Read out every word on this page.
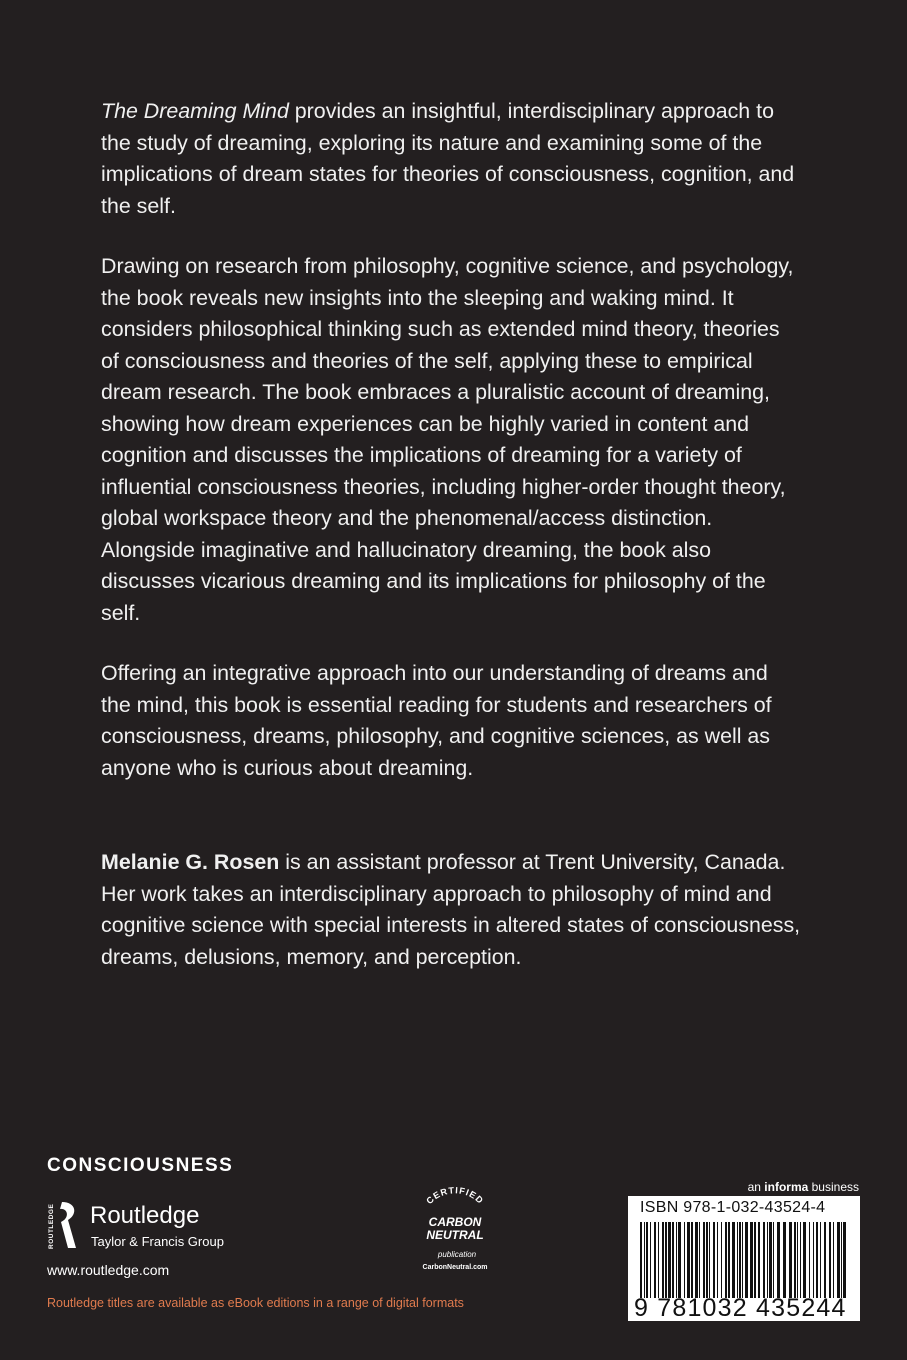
The Dreaming Mind provides an insightful, interdisciplinary approach to the study of dreaming, exploring its nature and examining some of the implications of dream states for theories of consciousness, cognition, and the self.

Drawing on research from philosophy, cognitive science, and psychology, the book reveals new insights into the sleeping and waking mind. It considers philosophical thinking such as extended mind theory, theories of consciousness and theories of the self, applying these to empirical dream research. The book embraces a pluralistic account of dreaming, showing how dream experiences can be highly varied in content and cognition and discusses the implications of dreaming for a variety of influential consciousness theories, including higher-order thought theory, global workspace theory and the phenomenal/access distinction. Alongside imaginative and hallucinatory dreaming, the book also discusses vicarious dreaming and its implications for philosophy of the self.

Offering an integrative approach into our understanding of dreams and the mind, this book is essential reading for students and researchers of consciousness, dreams, philosophy, and cognitive sciences, as well as anyone who is curious about dreaming.

Melanie G. Rosen is an assistant professor at Trent University, Canada. Her work takes an interdisciplinary approach to philosophy of mind and cognitive science with special interests in altered states of consciousness, dreams, delusions, memory, and perception.

CONSCIOUSNESS
ROUTLEDGE Routledge
Taylor & Francis Group
www.routledge.com
Routledge titles are available as eBook editions in a range of digital formats
CERTIFIED
CARBON
NEUTRAL
publication
CarbonNeutral.com
an informa business
ISBN 978-1-032-43524-4
9 781032 435244
